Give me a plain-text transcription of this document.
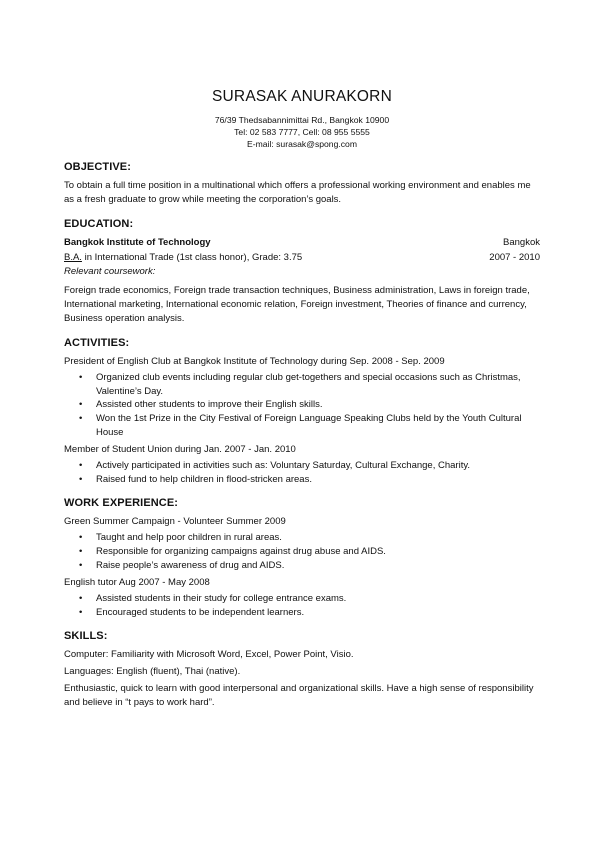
SURASAK ANURAKORN
76/39 Thedsabannimittai Rd., Bangkok 10900
Tel: 02 583 7777, Cell: 08 955 5555
E-mail: surasak@spong.com
OBJECTIVE:

To obtain a full time position in a multinational which offers a professional working environment and enables me as a fresh graduate to grow while meeting the corporation’s goals.

EDUCATION:
Bangkok Institute of Technology	Bangkok
B.A. in International Trade (1st class honor), Grade: 3.75	2007 - 2010
Relevant coursework:

Foreign trade economics, Foreign trade transaction techniques, Business administration, Laws in foreign trade, International marketing, International economic relation, Foreign investment, Theories of finance and currency, Business operation analysis.

ACTIVITIES:

President of English Club at Bangkok Institute of Technology during Sep. 2008 - Sep. 2009

• Organized club events including regular club get-togethers and special occasions such as Christmas, Valentine’s Day.
• Assisted other students to improve their English skills.
• Won the 1st Prize in the City Festival of Foreign Language Speaking Clubs held by the Youth Cultural House

Member of Student Union during Jan. 2007 - Jan. 2010

• Actively participated in activities such as: Voluntary Saturday, Cultural Exchange, Charity.
• Raised fund to help children in flood-stricken areas.
WORK EXPERIENCE:

Green Summer Campaign - Volunteer Summer 2009

• Taught and help poor children in rural areas.
• Responsible for organizing campaigns against drug abuse and AIDS.
• Raise people’s awareness of drug and AIDS.

English tutor Aug 2007 - May 2008

• Assisted students in their study for college entrance exams.
• Encouraged students to be independent learners.
SKILLS:

Computer: Familiarity with Microsoft Word, Excel, Power Point, Visio.

Languages: English (fluent), Thai (native).

Enthusiastic, quick to learn with good interpersonal and organizational skills. Have a high sense of responsibility and believe in “t pays to work hard”.
